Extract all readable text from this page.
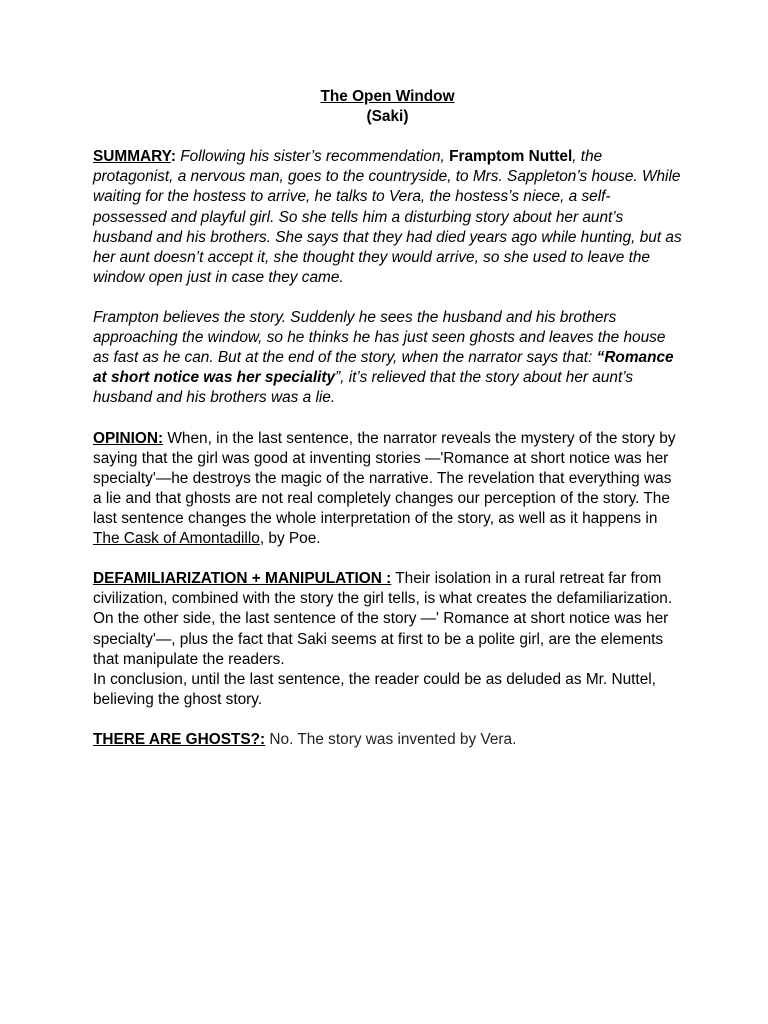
The Open Window
(Saki)

SUMMARY: Following his sister’s recommendation, Framptom Nuttel, the protagonist, a nervous man, goes to the countryside, to Mrs. Sappleton’s house. While waiting for the hostess to arrive, he talks to Vera, the hostess’s niece, a self-possessed and playful girl. So she tells him a disturbing story about her aunt’s husband and his brothers. She says that they had died years ago while hunting, but as her aunt doesn’t accept it, she thought they would arrive, so she used to leave the window open just in case they came.

Frampton believes the story. Suddenly he sees the husband and his brothers approaching the window, so he thinks he has just seen ghosts and leaves the house as fast as he can. But at the end of the story, when the narrator says that: “Romance at short notice was her speciality”, it’s relieved that the story about her aunt’s husband and his brothers was a lie.

OPINION: When, in the last sentence, the narrator reveals the mystery of the story by saying that the girl was good at inventing stories —'Romance at short notice was her specialty'—he destroys the magic of the narrative. The revelation that everything was a lie and that ghosts are not real completely changes our perception of the story. The last sentence changes the whole interpretation of the story, as well as it happens in The Cask of Amontadillo, by Poe.

DEFAMILIARIZATION + MANIPULATION : Their isolation in a rural retreat far from civilization, combined with the story the girl tells, is what creates the defamiliarization. On the other side, the last sentence of the story —' Romance at short notice was her specialty'—, plus the fact that Saki seems at first to be a polite girl, are the elements that manipulate the readers.

In conclusion, until the last sentence, the reader could be as deluded as Mr. Nuttel, believing the ghost story.

THERE ARE GHOSTS?: No. The story was invented by Vera.
